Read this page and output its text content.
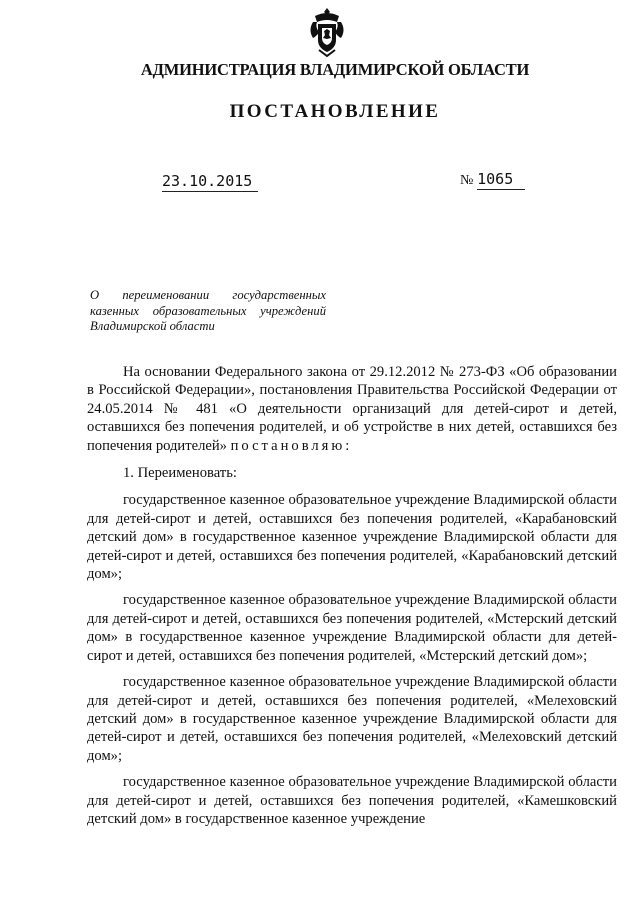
АДМИНИСТРАЦИЯ ВЛАДИМИРСКОЙ ОБЛАСТИ
ПОСТАНОВЛЕНИЕ
23.10.2015	№ 1065
О переименовании государственных казенных образовательных учреждений Владимирской области

На основании Федерального закона от 29.12.2012 № 273-ФЗ «Об образовании в Российской Федерации», постановления Правительства Российской Федерации от 24.05.2014 № 481 «О деятельности организаций для детей-сирот и детей, оставшихся без попечения родителей, и об устройстве в них детей, оставшихся без попечения родителей» постановляю:

1. Переименовать:

государственное казенное образовательное учреждение Владимирской области для детей-сирот и детей, оставшихся без попечения родителей, «Карабановский детский дом» в государственное казенное учреждение Владимирской области для детей-сирот и детей, оставшихся без попечения родителей, «Карабановский детский дом»;

государственное казенное образовательное учреждение Владимирской области для детей-сирот и детей, оставшихся без попечения родителей, «Мстерский детский дом» в государственное казенное учреждение Владимирской области для детей-сирот и детей, оставшихся без попечения родителей, «Мстерский детский дом»;

государственное казенное образовательное учреждение Владимирской области для детей-сирот и детей, оставшихся без попечения родителей, «Мелеховский детский дом» в государственное казенное учреждение Владимирской области для детей-сирот и детей, оставшихся без попечения родителей, «Мелеховский детский дом»;

государственное казенное образовательное учреждение Владимирской области для детей-сирот и детей, оставшихся без попечения родителей, «Камешковский детский дом» в государственное казенное учреждение
